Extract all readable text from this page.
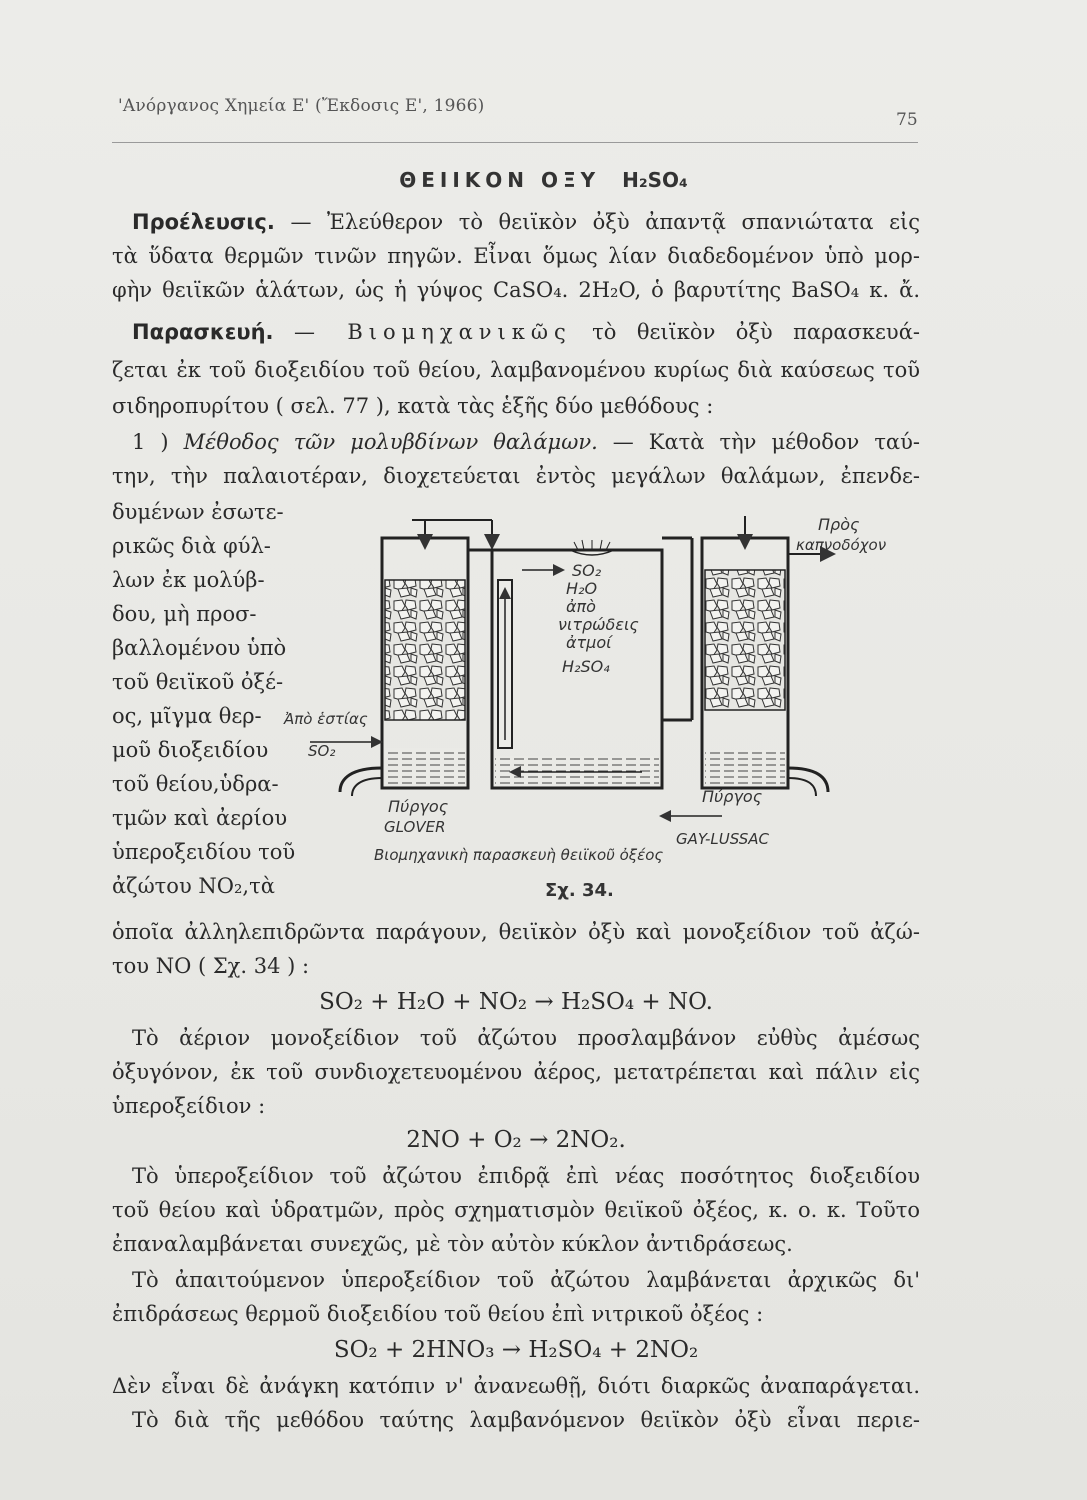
'Ανόργανος Χημεία Ε' (Ἔκδοσις Ε', 1966)
75
ΘΕΙΙΚΟΝ ΟΞΥ H₂SO₄
Προέλευσις. — Ἐλεύθερον τὸ θειϊκὸν ὀξὺ ἀπαντᾷ σπανιώτατα εἰς
τὰ ὕδατα θερμῶν τινῶν πηγῶν. Εἶναι ὅμως λίαν διαδεδομένον ὑπὸ μορ-
φὴν θειϊκῶν ἁλάτων, ὡς ἡ γύψος CaSO₄. 2H₂O, ὁ βαρυτίτης BaSO₄ κ. ἄ.
Παρασκευή. — Βιομηχανικῶς τὸ θειϊκὸν ὀξὺ παρασκευά-
ζεται ἐκ τοῦ διοξειδίου τοῦ θείου, λαμβανομένου κυρίως διὰ καύσεως τοῦ
σιδηροπυρίτου ( σελ. 77 ), κατὰ τὰς ἑξῆς δύο μεθόδους :
1 ) Μέθοδος τῶν μολυβδίνων θαλάμων. — Κατὰ τὴν μέθοδον ταύ-
την, τὴν παλαιοτέραν, διοχετεύεται ἐντὸς μεγάλων θαλάμων, ἐπενδε-
δυμένων ἐσωτε-
ρικῶς διὰ φύλ-
λων ἐκ μολύβ-
δου, μὴ προσ-
βαλλομένου ὑπὸ
τοῦ θειϊκοῦ ὀξέ-
ος, μῖγμα θερ-
μοῦ διοξειδίου
τοῦ θείου,ὑδρα-
τμῶν καὶ ἀερίου
ὑπεροξειδίου τοῦ
ἀζώτου NO₂,τὰ
Πρὸς
καπνοδόχον
SO₂
H₂O
ἀπὸ
νιτρώδεις
ἀτμοί
H₂SO₄
Ἀπὸ ἑστίας
SO₂
Πύργος
GLOVER
Πύργος
GAY-LUSSAC
Βιομηχανικὴ παρασκευὴ θειϊκοῦ ὀξέος
Σχ. 34.
ὁποῖα ἀλληλεπιδρῶντα παράγουν, θειϊκὸν ὀξὺ καὶ μονοξείδιον τοῦ ἀζώ-
του NO ( Σχ. 34 ) :
SO₂ + H₂O + NO₂ → H₂SO₄ + NO.
Τὸ ἀέριον μονοξείδιον τοῦ ἀζώτου προσλαμβάνον εὐθὺς ἀμέσως
ὀξυγόνον, ἐκ τοῦ συνδιοχετευομένου ἀέρος, μετατρέπεται καὶ πάλιν εἰς
ὑπεροξείδιον :
2NO + O₂ → 2NO₂.
Τὸ ὑπεροξείδιον τοῦ ἀζώτου ἐπιδρᾷ ἐπὶ νέας ποσότητος διοξειδίου
τοῦ θείου καὶ ὑδρατμῶν, πρὸς σχηματισμὸν θειϊκοῦ ὀξέος, κ. ο. κ. Τοῦτο
ἐπαναλαμβάνεται συνεχῶς, μὲ τὸν αὐτὸν κύκλον ἀντιδράσεως.
Τὸ ἀπαιτούμενον ὑπεροξείδιον τοῦ ἀζώτου λαμβάνεται ἀρχικῶς δι'
ἐπιδράσεως θερμοῦ διοξειδίου τοῦ θείου ἐπὶ νιτρικοῦ ὀξέος :
SO₂ + 2HNO₃ → H₂SO₄ + 2NO₂
Δὲν εἶναι δὲ ἀνάγκη κατόπιν ν' ἀνανεωθῇ, διότι διαρκῶς ἀναπαράγεται.
Τὸ διὰ τῆς μεθόδου ταύτης λαμβανόμενον θειϊκὸν ὀξὺ εἶναι περιε-
